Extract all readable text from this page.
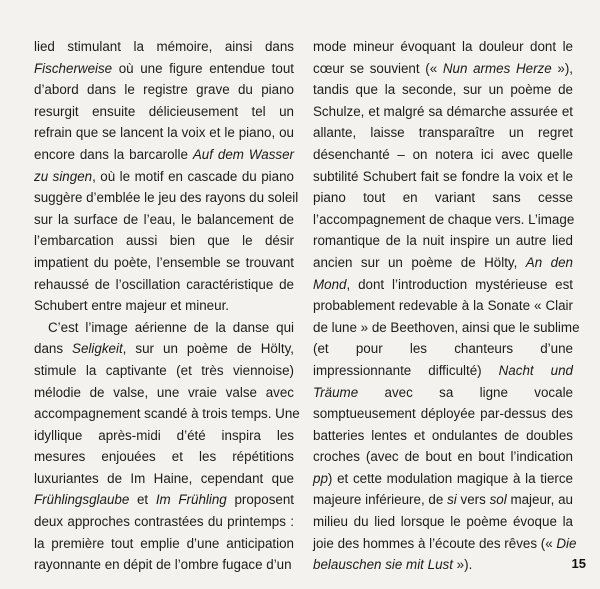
lied stimulant la mémoire, ainsi dans
Fischerweise où une figure entendue tout
d’abord dans le registre grave du piano
resurgit ensuite délicieusement tel un
refrain que se lancent la voix et le piano, ou
encore dans la barcarolle Auf dem Wasser
zu singen, où le motif en cascade du piano
suggère d’emblée le jeu des rayons du soleil
sur la surface de l’eau, le balancement de
l’embarcation aussi bien que le désir
impatient du poète, l’ensemble se trouvant
rehaussé de l’oscillation caractéristique de
Schubert entre majeur et mineur.
C’est l’image aérienne de la danse qui
dans Seligkeit, sur un poème de Hölty,
stimule la captivante (et très viennoise)
mélodie de valse, une vraie valse avec
accompagnement scandé à trois temps. Une
idyllique après-midi d’été inspira les
mesures enjouées et les répétitions
luxuriantes de Im Haine, cependant que
Frühlingsglaube et Im Frühling proposent
deux approches contrastées du printemps :
la première tout emplie d’une anticipation
rayonnante en dépit de l’ombre fugace d’un
mode mineur évoquant la douleur dont le
cœur se souvient (« Nun armes Herze »),
tandis que la seconde, sur un poème de
Schulze, et malgré sa démarche assurée et
allante, laisse transparaître un regret
désenchanté – on notera ici avec quelle
subtilité Schubert fait se fondre la voix et le
piano tout en variant sans cesse
l’accompagnement de chaque vers. L’image
romantique de la nuit inspire un autre lied
ancien sur un poème de Hölty, An den
Mond, dont l’introduction mystérieuse est
probablement redevable à la Sonate « Clair
de lune » de Beethoven, ainsi que le sublime
(et pour les chanteurs d’une
impressionnante difficulté) Nacht und
Träume avec sa ligne vocale
somptueusement déployée par-dessus des
batteries lentes et ondulantes de doubles
croches (avec de bout en bout l’indication
pp) et cette modulation magique à la tierce
majeure inférieure, de si vers sol majeur, au
milieu du lied lorsque le poème évoque la
joie des hommes à l’écoute des rêves (« Die
belauschen sie mit Lust »).	15
